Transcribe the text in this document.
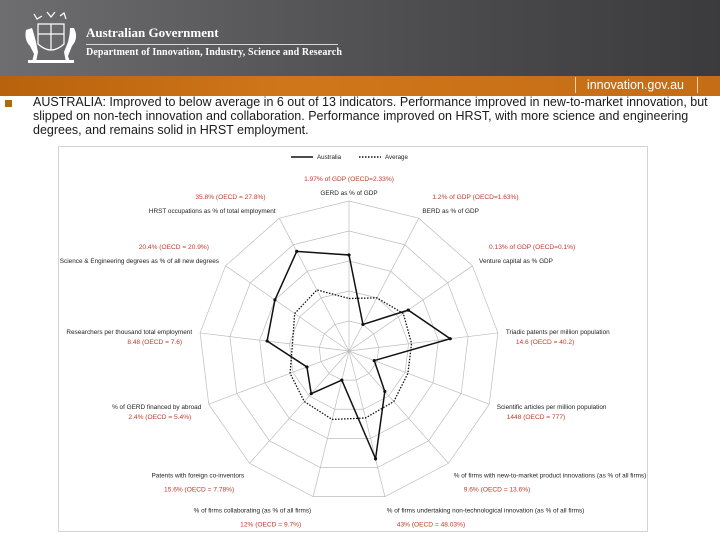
Australian Government
Department of Innovation, Industry, Science and Research
innovation.gov.au
AUSTRALIA: Improved to below average in 6 out of 13 indicators. Performance improved in new-to-market innovation, but slipped on non-tech innovation and collaboration. Performance improved on HRST, with more science and engineering degrees, and remains solid in HRST employment.
GERD as % of GDP
1.97% of GDP (OECD=2.33%)
BERD as % of GDP
1.2% of GDP (OECD=1.63%)
Venture capital as % GDP
0.13% of GDP (OECD=0.1%)
Triadic patents per million population
14.6 (OECD = 40.2)
Scientific articles per million population
1448 (OECD = 777)
% of firms with new-to-market product innovations (as % of all firms)
9.6% (OECD = 13.6%)
% of firms undertaking non-technological innovation (as % of all firms)
43% (OECD = 48.03%)
% of firms collaborating (as % of all firms)
12% (OECD = 9.7%)
Patents with foreign co-inventors
15.6% (OECD = 7.78%)
% of GERD financed by abroad
2.4% (OECD = 5.4%)
Researchers per thousand total employment
8.48 (OECD = 7.6)
Science & Engineering degrees as % of all new degrees
20.4% (OECD = 20.9%)
HRST occupations as % of total employment
35.8% (OECD = 27.8%)
Australia	Average
